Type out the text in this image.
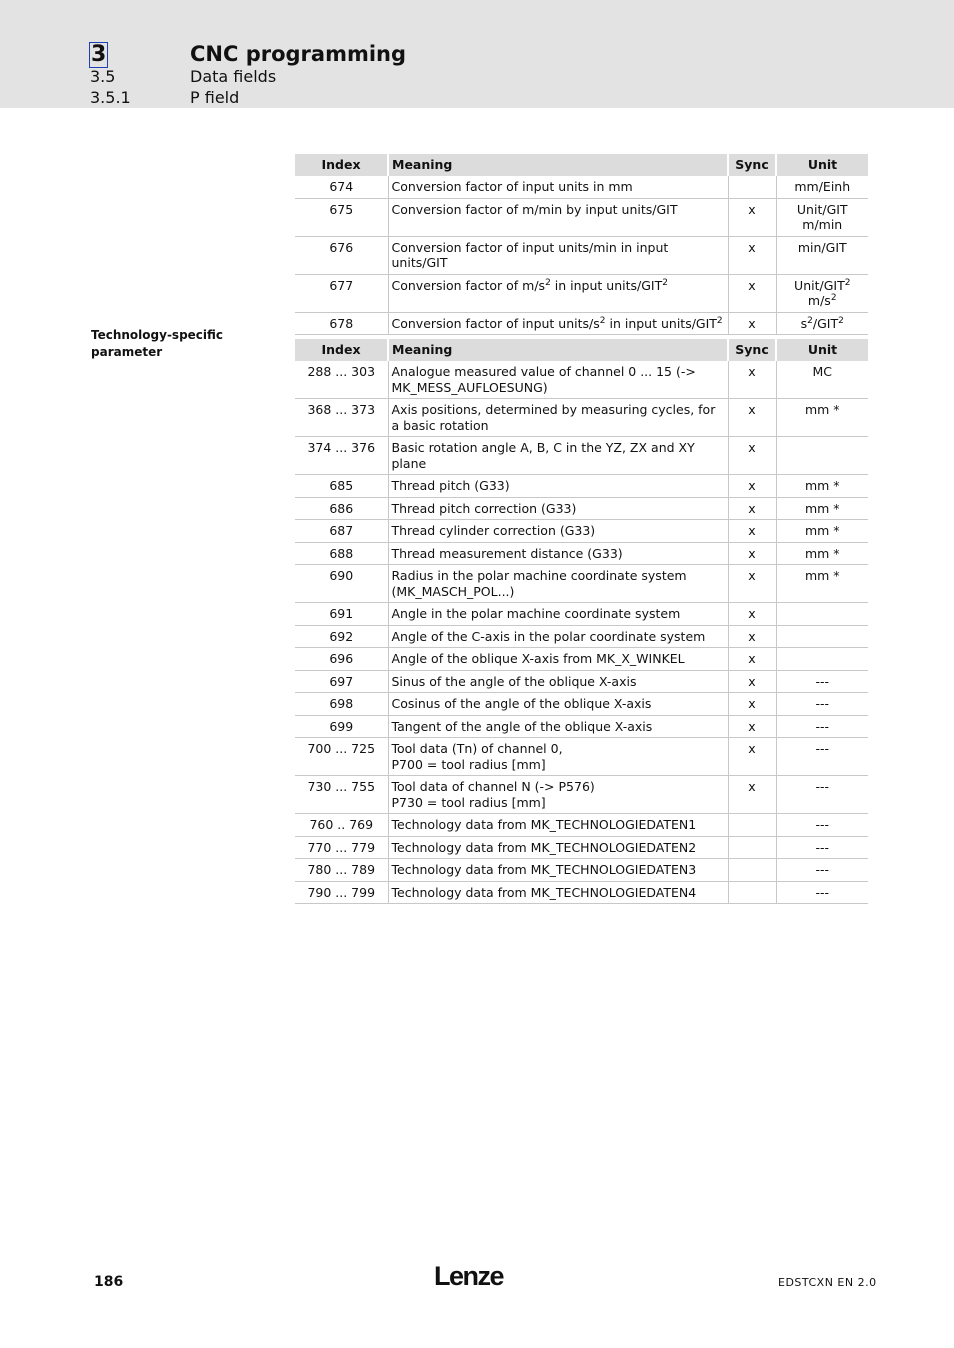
3	CNC programming
3.5	Data fields
3.5.1	P field
Index	Meaning	Sync	Unit
674	Conversion factor of input units in mm		mm/Einh
675	Conversion factor of m/min by input units/GIT	x	Unit/GIT
m/min
676	Conversion factor of input units/min in input units/GIT	x	min/GIT
677	Conversion factor of $m/s^2$ in input units/GIT$^2$	x	Unit/GIT$^2$
$m/s^2$
678	Conversion factor of input units/$s^2$ in input units/GIT$^2$	x	$s^2/GIT^2$
Technology-specific parameter	Index	Meaning	Sync	Unit
288 ... 303	Analogue measured value of channel 0 ... 15 (->
MK_MESS_AUFLOESUNG)	x	MC
368 ... 373	Axis positions, determined by measuring cycles, for a basic rotation	x	mm *
374 ... 376	Basic rotation angle A, B, C in the YZ, ZX and XY plane	x	
685	Thread pitch (G33)	x	mm *
686	Thread pitch correction (G33)	x	mm *
687	Thread cylinder correction (G33)	x	mm *
688	Thread measurement distance (G33)	x	mm *
690	Radius in the polar machine coordinate system (MK_MASCH_POL...)	x	mm *
691	Angle in the polar machine coordinate system	x	
692	Angle of the C-axis in the polar coordinate system	x	
696	Angle of the oblique X-axis from MK_X_WINKEL	x	
697	Sinus of the angle of the oblique X-axis	x	---
698	Cosinus of the angle of the oblique X-axis	x	---
699	Tangent of the angle of the oblique X-axis	x	---
700 ... 725	Tool data (Tn) of channel 0,
P700 = tool radius [mm]	x	---
730 ... 755	Tool data of channel N (-> P576)
P730 = tool radius [mm]	x	---
760 .. 769	Technology data from MK_TECHNOLOGIEDATEN1		---
770 ... 779	Technology data from MK_TECHNOLOGIEDATEN2		---
780 ... 789	Technology data from MK_TECHNOLOGIEDATEN3		---
790 ... 799	Technology data from MK_TECHNOLOGIEDATEN4		---
186	Lenze	EDSTCXN EN 2.0
